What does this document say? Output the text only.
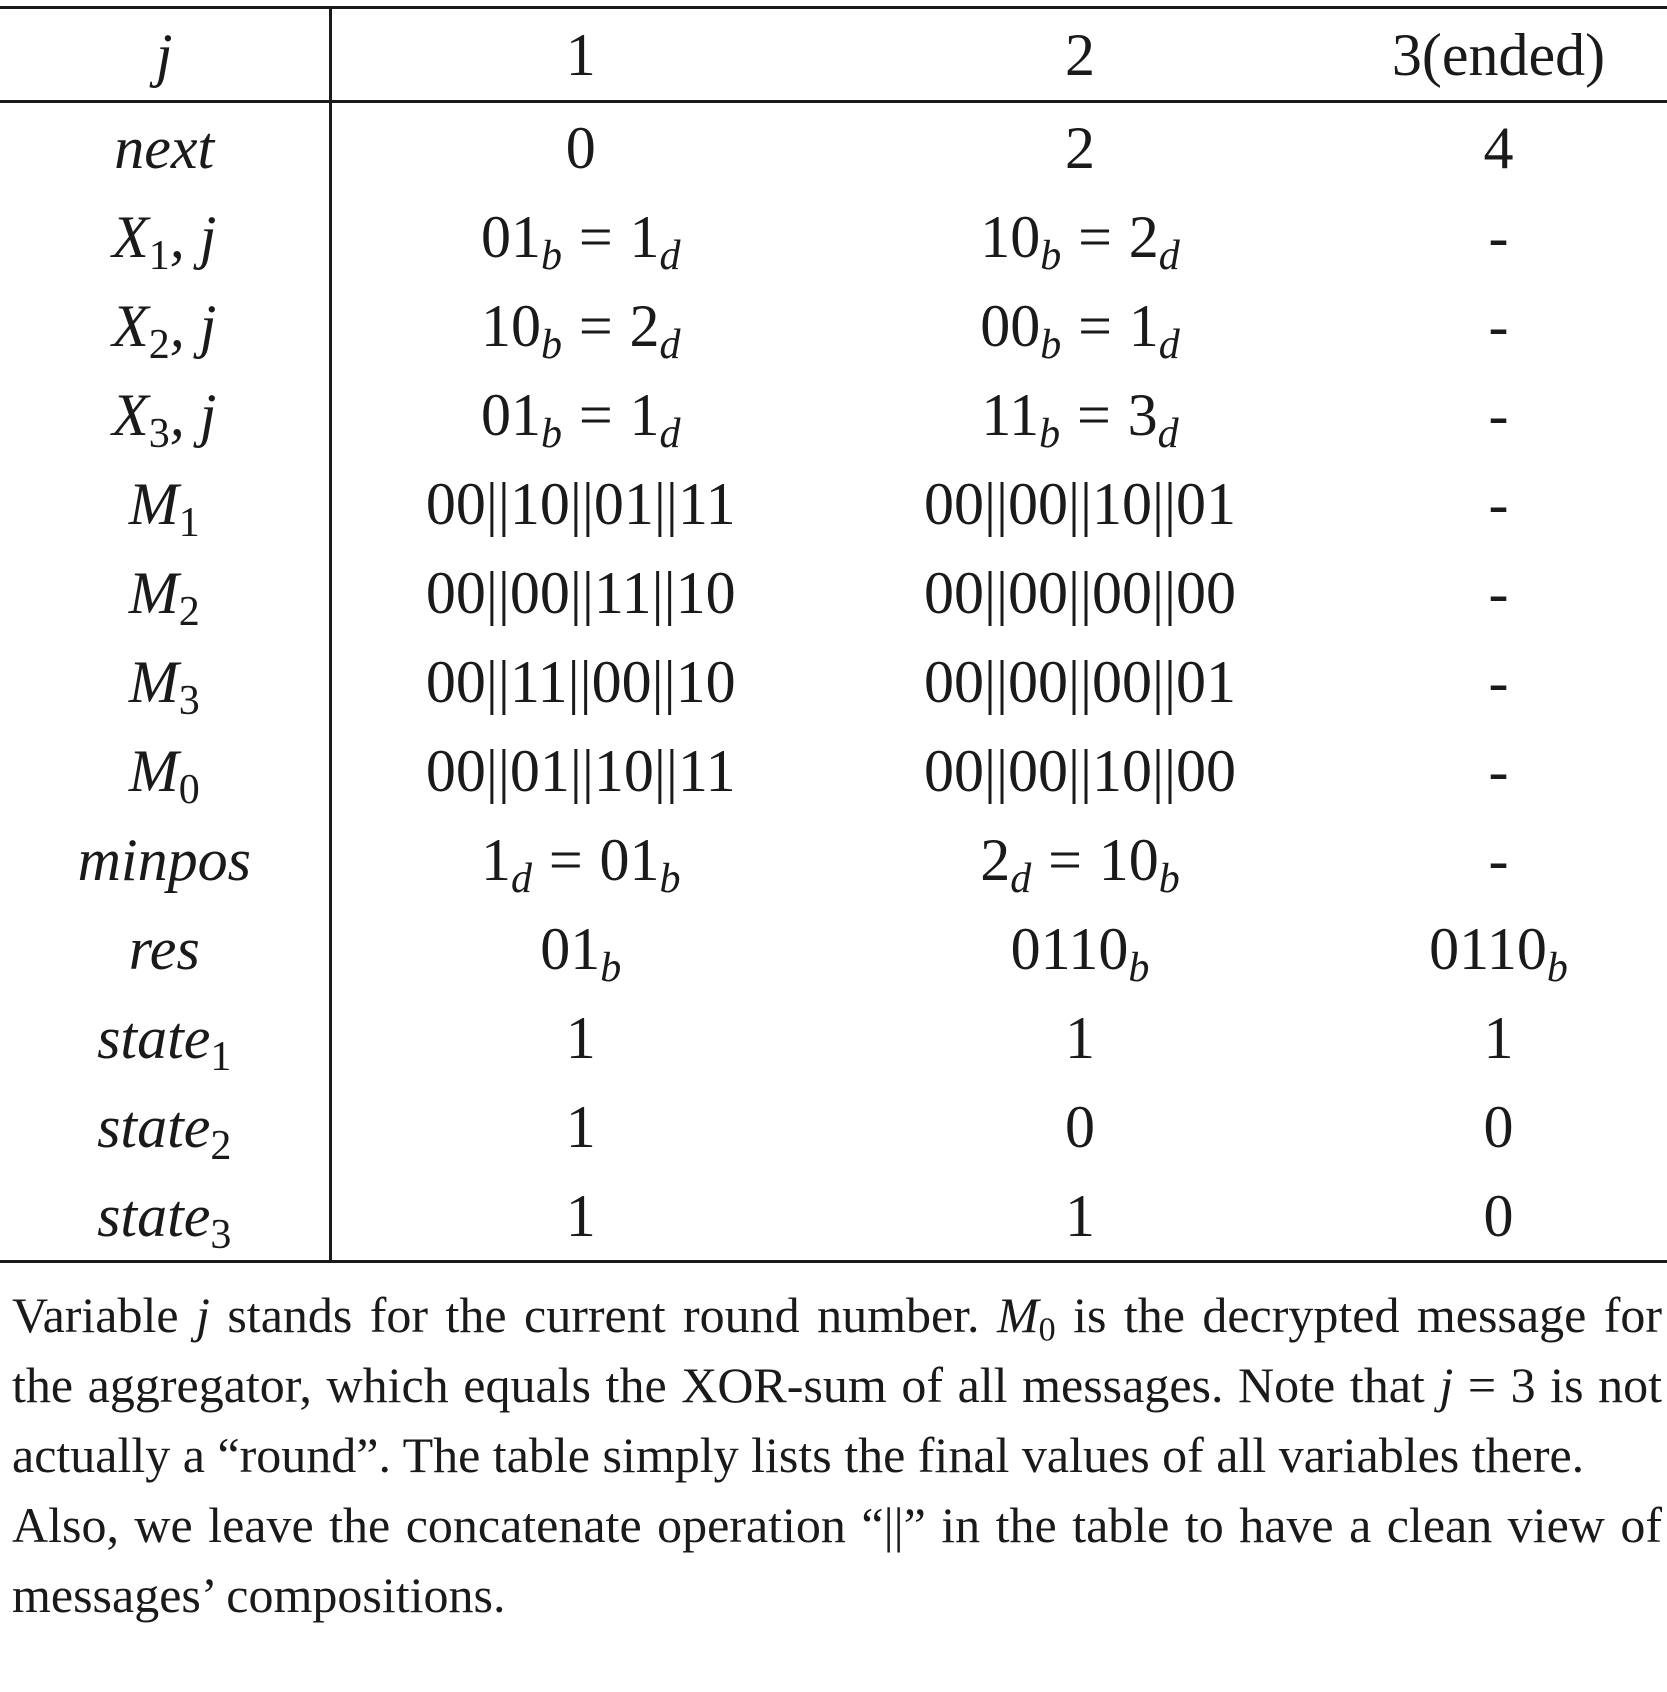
j	1	2	3(ended)
next	0	2	4
$X_1$, j	$01_b = 1_d$	$10_b = 2_d$	-
$X_2$, j	$10_b = 2_d$	$00_b = 1_d$	-
$X_3$, j	$01_b = 1_d$	$11_b = 3_d$	-
$M_1$	00||10||01||11	00||00||10||01	-
$M_2$	00||00||11||10	00||00||00||00	-
$M_3$	00||11||00||10	00||00||00||01	-
$M_0$	00||01||10||11	00||00||10||00	-
minpos	$1_d = 01_b$	$2_d = 10_b$	-
res	$01_b$	$0110_b$	$0110_b$
state$_1$	1	1	1
state$_2$	1	0	0
state$_3$	1	1	0

Variable j stands for the current round number. $M_0$ is the decrypted message for the aggregator, which equals the XOR-sum of all messages. Note that j = 3 is not actually a “round”. The table simply lists the final values of all variables there.

Also, we leave the concatenate operation “||” in the table to have a clean view of messages’ compositions.
